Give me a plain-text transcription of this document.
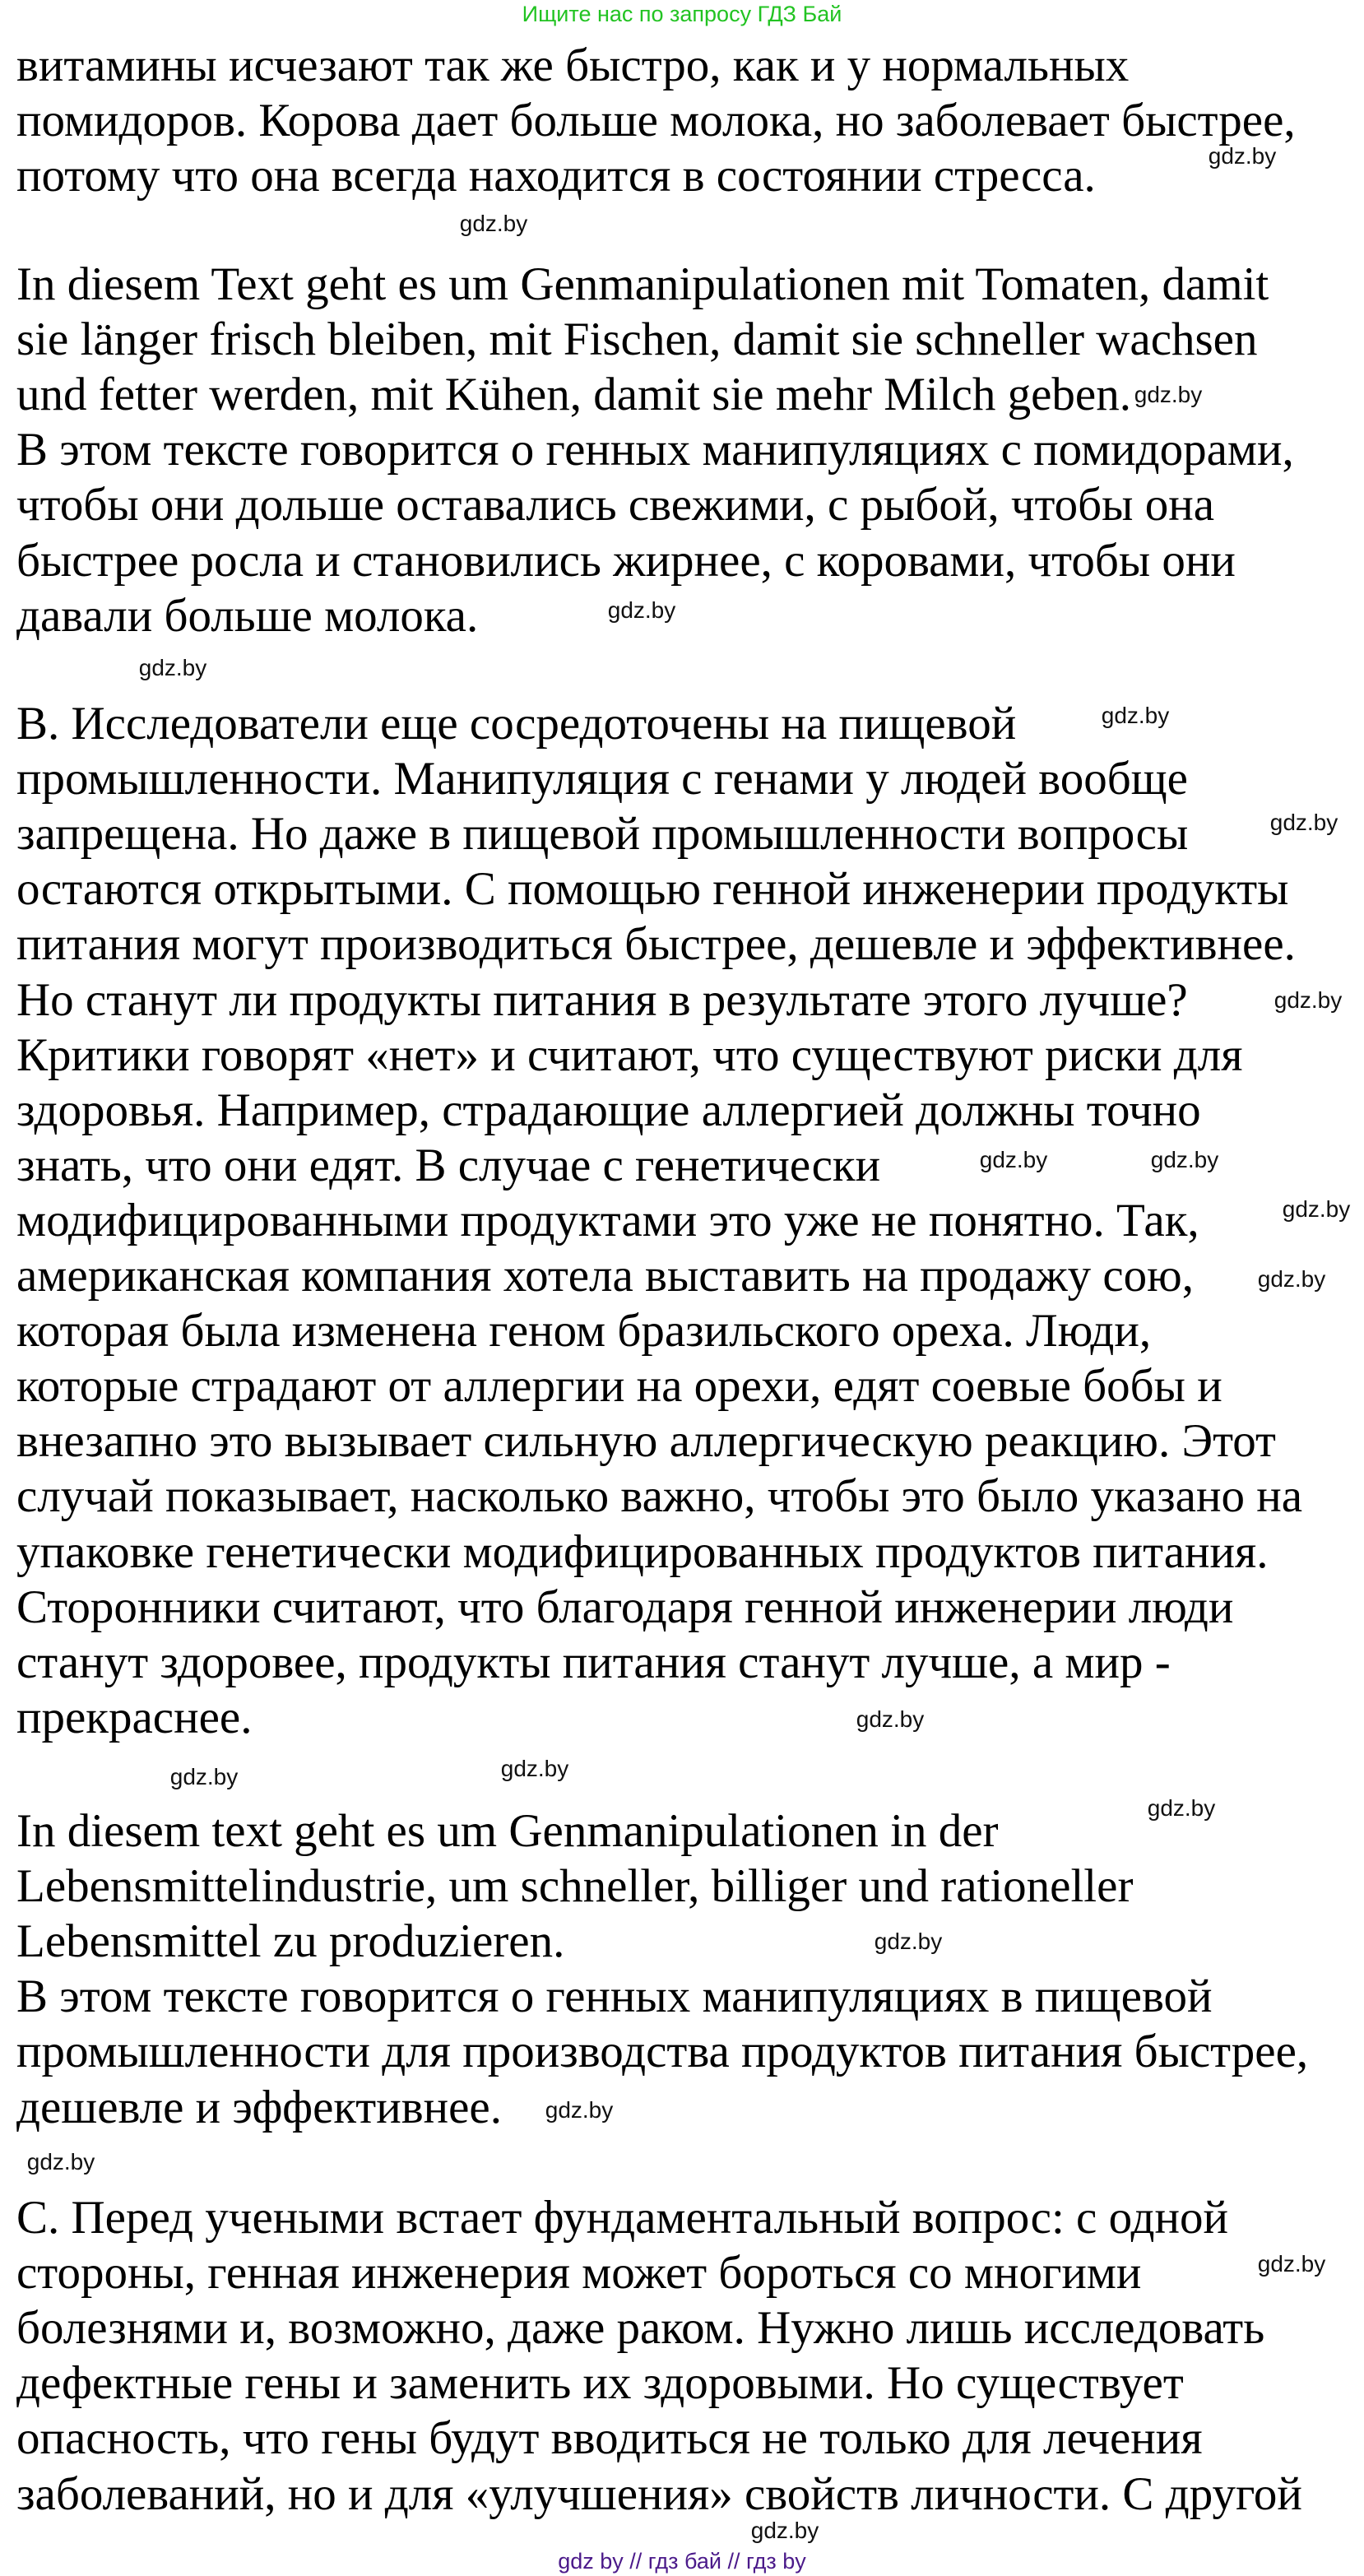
Ищите нас по запросу ГДЗ Бай
витамины исчезают так же быстро, как и у нормальных
помидоров. Корова дает больше молока, но заболевает быстрее,
потому что она всегда находится в состоянии стресса.
In diesem Text geht es um Genmanipulationen mit Tomaten, damit
sie länger frisch bleiben, mit Fischen, damit sie schneller wachsen
und fetter werden, mit Kühen, damit sie mehr Milch geben.
В этом тексте говорится о генных манипуляциях с помидорами,
чтобы они дольше оставались свежими, с рыбой, чтобы она
быстрее росла и становились жирнее, с коровами, чтобы они
давали больше молока.
B. Исследователи еще сосредоточены на пищевой
промышленности. Манипуляция с генами у людей вообще
запрещена. Но даже в пищевой промышленности вопросы
остаются открытыми. С помощью генной инженерии продукты
питания могут производиться быстрее, дешевле и эффективнее.
Но станут ли продукты питания в результате этого лучше?
Критики говорят «нет» и считают, что существуют риски для
здоровья. Например, страдающие аллергией должны точно
знать, что они едят. В случае с генетически
модифицированными продуктами это уже не понятно. Так,
американская компания хотела выставить на продажу сою,
которая была изменена геном бразильского ореха. Люди,
которые страдают от аллергии на орехи, едят соевые бобы и
внезапно это вызывает сильную аллергическую реакцию. Этот
случай показывает, насколько важно, чтобы это было указано на
упаковке генетически модифицированных продуктов питания.
Сторонники считают, что благодаря генной инженерии люди
станут здоровее, продукты питания станут лучше, а мир -
прекраснее.
In diesem text geht es um Genmanipulationen in der
Lebensmittelindustrie, um schneller, billiger und rationeller
Lebensmittel zu produzieren.
В этом тексте говорится о генных манипуляциях в пищевой
промышленности для производства продуктов питания быстрее,
дешевле и эффективнее.
C. Перед учеными встает фундаментальный вопрос: с одной
стороны, генная инженерия может бороться со многими
болезнями и, возможно, даже раком. Нужно лишь исследовать
дефектные гены и заменить их здоровыми. Но существует
опасность, что гены будут вводиться не только для лечения
заболеваний, но и для «улучшения» свойств личности. С другой
gdz.by
gdz.by
gdz.by
gdz.by
gdz.by
gdz.by
gdz.by
gdz.by
gdz.by
gdz.by
gdz.by
gdz.by
gdz.by
gdz.by
gdz.by
gdz.by
gdz.by
gdz.by
gdz.by
gdz.by
gdz.by
gdz by // гдз бай // гдз by
